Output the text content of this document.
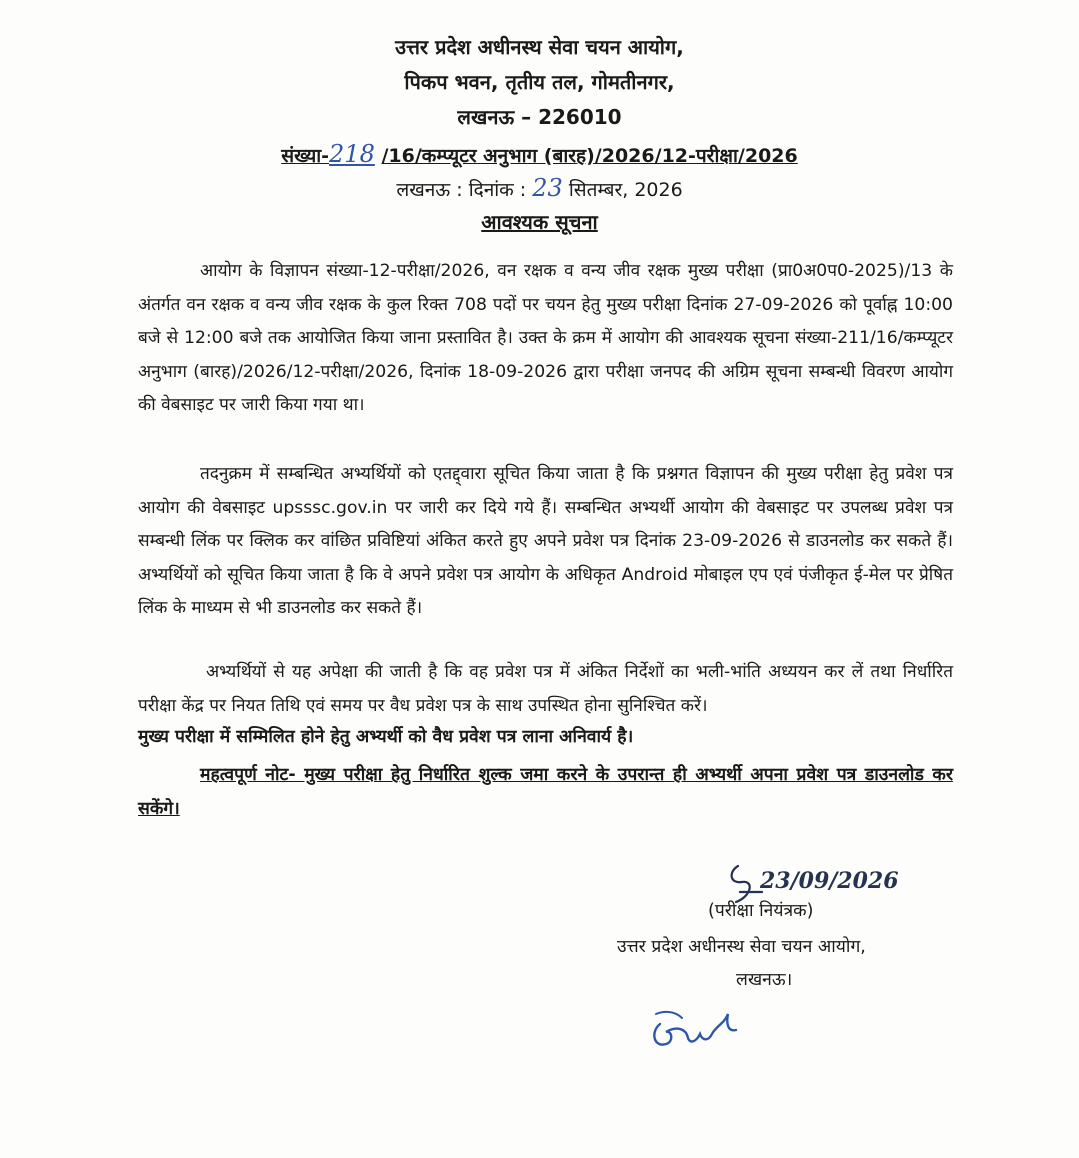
उत्तर प्रदेश अधीनस्थ सेवा चयन आयोग,
पिकप भवन, तृतीय तल, गोमतीनगर,
लखनऊ – 226010
संख्या-218 /16/कम्प्यूटर अनुभाग (बारह)/2026/12-परीक्षा/2026
लखनऊ : दिनांक : 23 सितम्बर, 2026
आवश्यक सूचना

आयोग के विज्ञापन संख्या-12-परीक्षा/2026, वन रक्षक व वन्य जीव रक्षक मुख्य परीक्षा (प्रा0अ0प0-2025)/13 के अंतर्गत वन रक्षक व वन्य जीव रक्षक के कुल रिक्त 708 पदों पर चयन हेतु मुख्य परीक्षा दिनांक 27-09-2026 को पूर्वाह्न 10:00 बजे से 12:00 बजे तक आयोजित किया जाना प्रस्तावित है। उक्त के क्रम में आयोग की आवश्यक सूचना संख्या-211/16/कम्प्यूटर अनुभाग (बारह)/2026/12-परीक्षा/2026, दिनांक 18-09-2026 द्वारा परीक्षा जनपद की अग्रिम सूचना सम्बन्धी विवरण आयोग की वेबसाइट पर जारी किया गया था।

तदनुक्रम में सम्बन्धित अभ्यर्थियों को एतद्द्वारा सूचित किया जाता है कि प्रश्नगत विज्ञापन की मुख्य परीक्षा हेतु प्रवेश पत्र आयोग की वेबसाइट upsssc.gov.in पर जारी कर दिये गये हैं। सम्बन्धित अभ्यर्थी आयोग की वेबसाइट पर उपलब्ध प्रवेश पत्र सम्बन्धी लिंक पर क्लिक कर वांछित प्रविष्टियां अंकित करते हुए अपने प्रवेश पत्र दिनांक 23-09-2026 से डाउनलोड कर सकते हैं। अभ्यर्थियों को सूचित किया जाता है कि वे अपने प्रवेश पत्र आयोग के अधिकृत Android मोबाइल एप एवं पंजीकृत ई-मेल पर प्रेषित लिंक के माध्यम से भी डाउनलोड कर सकते हैं।

अभ्यर्थियों से यह अपेक्षा की जाती है कि वह प्रवेश पत्र में अंकित निर्देशों का भली-भांति अध्ययन कर लें तथा निर्धारित परीक्षा केंद्र पर नियत तिथि एवं समय पर वैध प्रवेश पत्र के साथ उपस्थित होना सुनिश्चित करें।

मुख्य परीक्षा में सम्मिलित होने हेतु अभ्यर्थी को वैध प्रवेश पत्र लाना अनिवार्य है।
महत्वपूर्ण नोट- मुख्य परीक्षा हेतु निर्धारित शुल्क जमा करने के उपरान्त ही अभ्यर्थी अपना प्रवेश पत्र डाउनलोड कर सकेंगे।
23/09/2026
(परीक्षा नियंत्रक)
उत्तर प्रदेश अधीनस्थ सेवा चयन आयोग,
लखनऊ।
